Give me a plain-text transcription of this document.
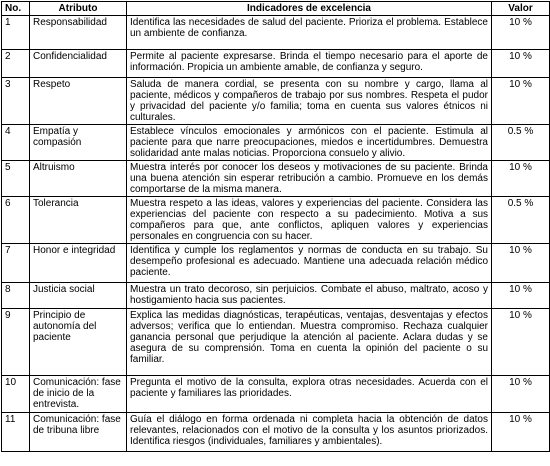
No.	Atributo	Indicadores de excelencia	Valor
1	Responsabilidad	Identifica las necesidades de salud del paciente. Prioriza el problema. Establece un ambiente de confianza.	10 %
2	Confidencialidad	Permite al paciente expresarse. Brinda el tiempo necesario para el aporte de información. Propicia un ambiente amable, de confianza y seguro.	10 %
3	Respeto	Saluda de manera cordial, se presenta con su nombre y cargo, llama al paciente, médicos y compañeros de trabajo por sus nombres. Respeta el pudor y privacidad del paciente y/o familia; toma en cuenta sus valores étnicos ni culturales.	10 %
4	Empatía y compasión	Establece vínculos emocionales y armónicos con el paciente. Estimula al paciente para que narre preocupaciones, miedos e incertidumbres. Demuestra solidaridad ante malas noticias. Proporciona consuelo y alivio.	0.5 %
5	Altruismo	Muestra interés por conocer los deseos y motivaciones de su paciente. Brinda una buena atención sin esperar retribución a cambio. Promueve en los demás comportarse de la misma manera.	10 %
6	Tolerancia	Muestra respeto a las ideas, valores y experiencias del paciente. Considera las experiencias del paciente con respecto a su padecimiento. Motiva a sus compañeros para que, ante conflictos, apliquen valores y experiencias personales en congruencia con su hacer.	0.5 %
7	Honor e integridad	Identifica y cumple los reglamentos y normas de conducta en su trabajo. Su desempeño profesional es adecuado. Mantiene una adecuada relación médico paciente.	10 %
8	Justicia social	Muestra un trato decoroso, sin perjuicios. Combate el abuso, maltrato, acoso y hostigamiento hacia sus pacientes.	10 %
9	Principio de autonomía del paciente	Explica las medidas diagnósticas, terapéuticas, ventajas, desventajas y efectos adversos; verifica que lo entiendan. Muestra compromiso. Rechaza cualquier ganancia personal que perjudique la atención al paciente. Aclara dudas y se asegura de su comprensión. Toma en cuenta la opinión del paciente o su familiar.	10 %
10	Comunicación: fase de inicio de la entrevista.	Pregunta el motivo de la consulta, explora otras necesidades. Acuerda con el paciente y familiares las prioridades.	10 %
11	Comunicación: fase de tribuna libre	Guía el diálogo en forma ordenada ni completa hacia la obtención de datos relevantes, relacionados con el motivo de la consulta y los asuntos priorizados. Identifica riesgos (individuales, familiares y ambientales).	10 %
